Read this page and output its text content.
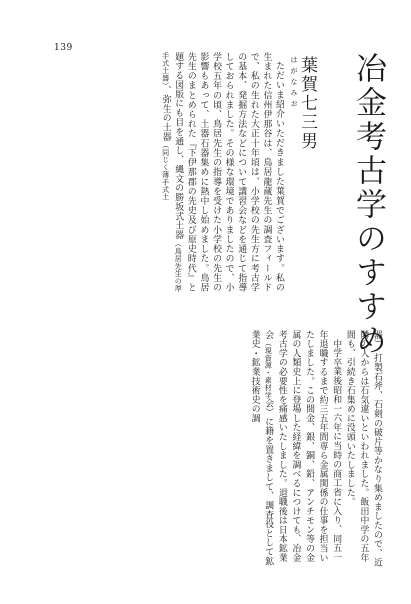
139
冶金考古学のすすめ
葉賀七三男
はがなみお

ただいま紹介いただきました葉賀でございます。私の生まれた信州伊那谷は、鳥居龍蔵先生の調査フィールドで、私の生れた大正十年頃は、小学校の先生方に考古学の基本、発掘方法などについて講習会などを通じて指導しておられました。その様な環境でありましたので、小学校五年の頃、鳥居先生の指導を受けた小学校の先生の影響もあって、土器石器集めに熱中し始めました。鳥居先生のまとめられた『下伊那郡の先史及び原史時代』と題する図版にも目を通し、縄文の勝坂式土器（鳥居先生の厚手式土器）、弥生の土器（同じく薄手式土

器）、打製石斧、石剣の破片等かなり集めましたので、近隣の人からは石気違いといわれました。飯田中学の五年間も、引続き石集めに没頭いたしました。

中学卒業後昭和一六年に当時の商工省に入り、同五一年退職するまで約三五年間専ら金属関係の仕事を担当いたしました。この間金、銀、銅、鉛、アンチモン等の金属の人類史上に登場した経緯を調べるにつけても、冶金考古学の必要性を痛感いたしました。退職後は日本鉱業会（現資源・素材学会）に籍を置きまして、調査役として鉱業史・鉱業技術史の調
